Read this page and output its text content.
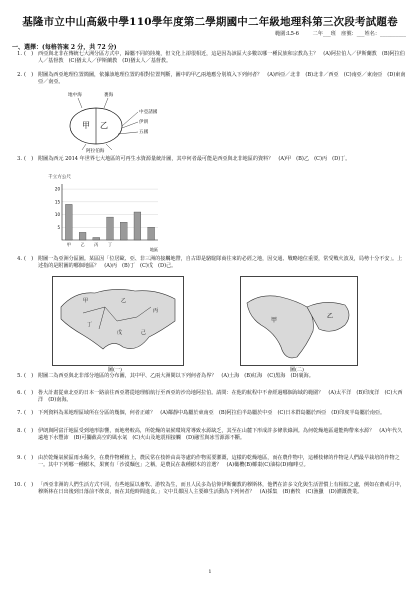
基隆市立中山高級中學110學年度第二學期國中二年級地理科第三次段考試題卷
範圍:L5-6	二年___班　座號：___姓名：__________
一、選擇：(每格答案 2 分，共 72 分)
1. (　) 西亞與北非在傳統七大洲分區方式中，歸屬不同的陸塊，但文化上卻很相近，這是因為該區大多數以哪一種民族和宗教為主？　(A)阿拉伯人／伊斯蘭教　(B)阿拉伯人／基督教　(C)猶太人／伊斯蘭教　(D)猶太人／基督教。
2. (　) 附圖為西亞地理位置簡圖，依據該地理位置的相對位置判斷，圖中的甲乙兩地應分別填入下列何者？　(A)西亞／北非　(B)北非／西亞　(C)南亞／東南亞　(D)東南亞／南亞。
甲 乙
地中海	裏海
中亞諸國
伊朗
五國
阿拉伯海
3. (　) 附圖為西元 2014 年世界七大地區的可再生水資源量統計圖，其中何者最可能是西亞與北非地區的資料？　(A)甲　(B)乙　(C)丙　(D)丁。
千立方公尺
20
15
10
5
甲 乙 丙 丁
地區
4. (　) 附圖一為亞洲分區圖。某區因「位居歐、亞、非三洲的接觸地帶，自古即是駱駝隊商往來的必經之地，因交通、戰略地位重要，常受戰火波及，局勢十分不安」。上述指的是附圖的哪個地區？　(A)丙　(B)丁　(C)戊　(D)己。
甲	乙
丙
丁
戊	己
甲
乙
圖(一)	圖(二)
5. (　) 附圖二為西亞與北非部分地區的分布圖，其中甲、乙兩大洲間以下列何者為界？　(A)土海　(B)紅海　(C)黑海　(D)裏海。
6. (　) 魯大計畫從東北亞的日本一路前往西亞將從地理船航行至西亞的沙烏地阿拉伯。請問：在他的航程中不會經過哪個海域的範圍？　(A)太平洋　(B)印度洋　(C)大西洋　(D)南海。
7. (　) 下列資料為某地理區域所在分區的幾個，何者正確？　(A)鄰靜中島屬於東南亞　(B)阿拉伯半島屬於中亞　(C)日本群島屬於西亞　(D)印度半島屬於南亞。
8. (　) 伊朗與阿富汗地區受到地形影響，而地勢較高，所乾燥的氣候環境常導致水源缺乏，其至在山麓下形成許多條狀綠洲。為何乾燥地區還能夠帶來水源？　(A)年代久遠地下水豐沛　(B)可攔截高空的風水氣　(C)火山及地震相接觸　(D)融雪與冰雪源源不斷。
9. (　) 由於乾燥氣候區雨水稀少，在農作物種植上，農民常在枝幹由高等處的作物需要灌溉，這樣的乾燥地區，而在農作物中，這種枝條的作物是人們最早栽培的作物之一。其中下列哪一種樹木，果實有「沙漠麵包」之稱，是農民在栽種樹木的首選？　(A)橄欖(B)椰棗(C)油棕(D)咖啡豆。
10. (　) 「西亞非洲的人們生活方式不同，有些地區以畜牧、游牧為生，而且人民多為信仰伊斯蘭教的穆斯林，他們在許多文化與生活習慣上有相似之處，例如在齋戒月中，穆斯林在日出後到日落前不飲食，而在其他時間進食。」文中貝都因人主要維生活動為下列何者？　(A)採集　(B)畜牧　(C)漁獵　(D)灌溉農業。
1
